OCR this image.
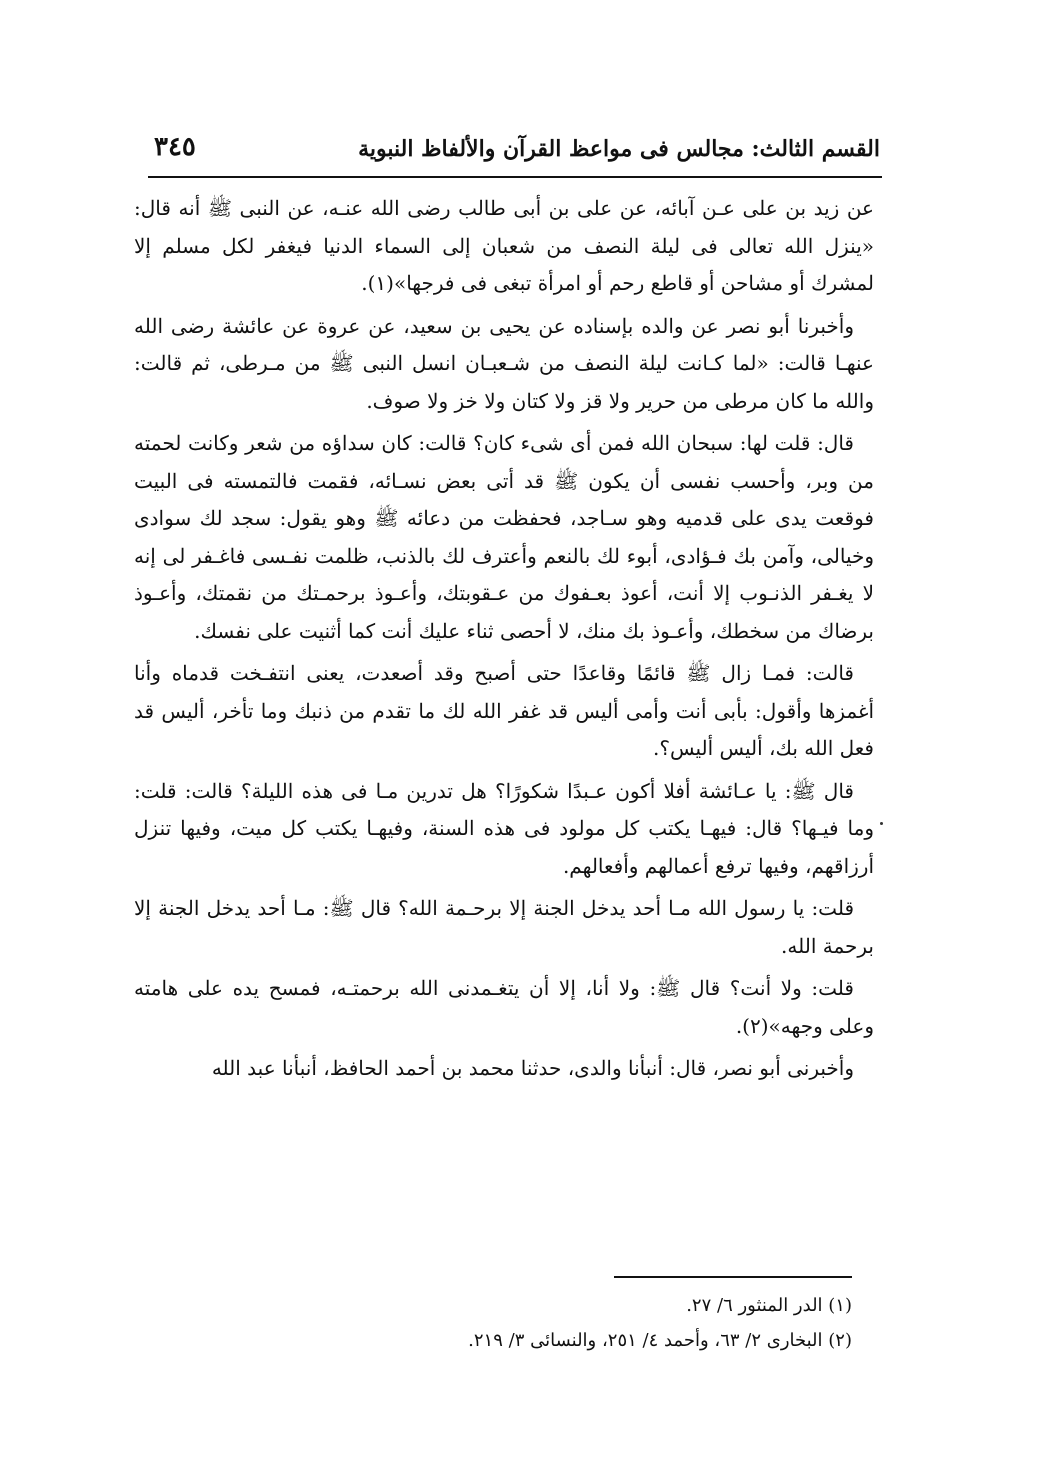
القسم الثالث: مجالس فى مواعظ القرآن والألفاظ النبوية
٣٤٥

عن زيد بن على عـن آبائه، عن على بن أبى طالب رضى الله عنـه، عن النبى ﷺ أنه قال: «ينزل الله تعالى فى ليلة النصف من شعبان إلى السماء الدنيا فيغفر لكل مسلم إلا لمشرك أو مشاحن أو قاطع رحم أو امرأة تبغى فى فرجها»(١).

وأخبرنا أبو نصر عن والده بإسناده عن يحيى بن سعيد، عن عروة عن عائشة رضى الله عنهـا قالت: «لما كـانت ليلة النصف من شـعبـان انسل النبى ﷺ من مـرطى، ثم قالت: والله ما كان مرطى من حرير ولا قز ولا كتان ولا خز ولا صوف.

قال: قلت لها: سبحان الله فمن أى شىء كان؟ قالت: كان سداؤه من شعر وكانت لحمته من وبر، وأحسب نفسى أن يكون ﷺ قد أتى بعض نسـائه، فقمت فالتمسته فى البيت فوقعت يدى على قدميه وهو سـاجد، فحفظت من دعائه ﷺ وهو يقول: سجد لك سوادى وخيالى، وآمن بك فـؤادى، أبوء لك بالنعم وأعترف لك بالذنب، ظلمت نفـسى فاغـفر لى إنه لا يغـفر الذنـوب إلا أنت، أعوذ بعـفوك من عـقوبتك، وأعـوذ برحمـتك من نقمتك، وأعـوذ برضاك من سخطك، وأعـوذ بك منك، لا أحصى ثناء عليك أنت كما أثنيت على نفسك.

قالت: فمـا زال ﷺ قائمًا وقاعدًا حتى أصبح وقد أصعدت، يعنى انتفـخت قدماه وأنا أغمزها وأقول: بأبى أنت وأمى أليس قد غفر الله لك ما تقدم من ذنبك وما تأخر، أليس قد فعل الله بك، أليس أليس؟.

قال ﷺ: يا عـائشة أفلا أكون عـبدًا شكورًا؟ هل تدرين مـا فى هذه الليلة؟ قالت: قلت: وما فيـها؟ قال: فيهـا يكتب كل مولود فى هذه السنة، وفيهـا يكتب كل ميت، وفيها تنزل أرزاقهم، وفيها ترفع أعمالهم وأفعالهم.

قلت: يا رسول الله مـا أحد يدخل الجنة إلا برحـمة الله؟ قال ﷺ: مـا أحد يدخل الجنة إلا برحمة الله.

قلت: ولا أنت؟ قال ﷺ: ولا أنا، إلا أن يتغـمدنى الله برحمتـه، فمسح يده على هامته وعلى وجهه»(٢).

وأخبرنى أبو نصر، قال: أنبأنا والدى، حدثنا محمد بن أحمد الحافظ، أنبأنا عبد الله

(١) الدر المنثور ٦/ ٢٧.
(٢) البخارى ٢/ ٦٣، وأحمد ٤/ ٢٥١، والنسائى ٣/ ٢١٩.
